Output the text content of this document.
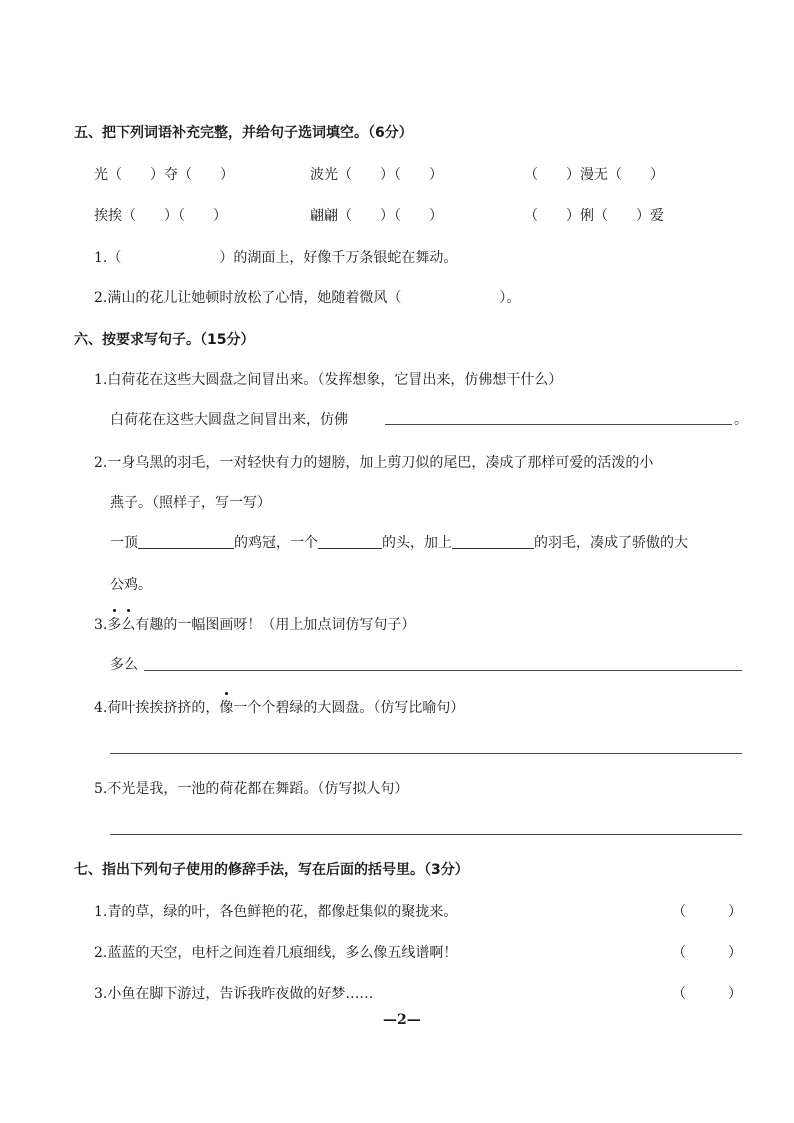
五、把下列词语补充完整，并给句子选词填空。（6分）
光（　　）夺（　　）	波光（　　）（　　）	（　　）漫无（　　）
挨挨（　　）（　　）	翩翩（　　）（　　）	（　　）俐（　　）爱
1.（　　　　　　　）的湖面上，好像千万条银蛇在舞动。
2.满山的花儿让她顿时放松了心情，她随着微风（　　　　　　　）。
六、按要求写句子。（15分）
1.白荷花在这些大圆盘之间冒出来。（发挥想象，它冒出来，仿佛想干什么）
白荷花在这些大圆盘之间冒出来，仿佛	。
2.一身乌黑的羽毛，一对轻快有力的翅膀，加上剪刀似的尾巴，凑成了那样可爱的活泼的小
燕子。（照样子，写一写）
一顶	的鸡冠，一个	的头，加上	的羽毛，凑成了骄傲的大
公鸡。
3.多么有趣的一幅图画呀！（用上加点词仿写句子）
多么
4.荷叶挨挨挤挤的，像一个个碧绿的大圆盘。（仿写比喻句）
5.不光是我，一池的荷花都在舞蹈。（仿写拟人句）
七、指出下列句子使用的修辞手法，写在后面的括号里。（3分）
1.青的草，绿的叶，各色鲜艳的花，都像赶集似的聚拢来。	（　　　）
2.蓝蓝的天空，电杆之间连着几痕细线，多么像五线谱啊！	（　　　）
3.小鱼在脚下游过，告诉我昨夜做的好梦……	（　　　）
—2—
